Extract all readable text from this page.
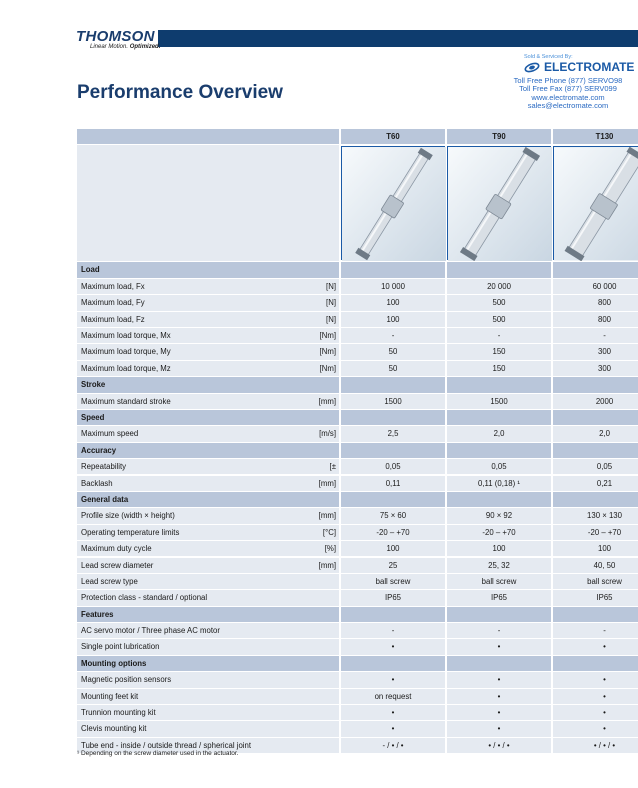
THOMSON
Linear Motion. Optimized.
Sold & Serviced By:
ELECTROMATE
Toll Free Phone (877) SERVO98
Toll Free Fax (877) SERV099
www.electromate.com
sales@electromate.com
Performance Overview
T60	T90	T130
Load
Maximum load, Fx	[N]	10 000	20 000	60 000
Maximum load, Fy	[N]	100	500	800
Maximum load, Fz	[N]	100	500	800
Maximum load torque, Mx	[Nm]	-	-	-
Maximum load torque, My	[Nm]	50	150	300
Maximum load torque, Mz	[Nm]	50	150	300
Stroke
Maximum standard stroke	[mm]	1500	1500	2000
Speed
Maximum speed	[m/s]	2,5	2,0	2,0
Accuracy
Repeatability	[±	0,05	0,05	0,05
Backlash	[mm]	0,11	0,11 (0,18) ¹	0,21
General data
Profile size (width × height)	[mm]	75 × 60	90 × 92	130 × 130
Operating temperature limits	[°C]	-20 – +70	-20 – +70	-20 – +70
Maximum duty cycle	[%]	100	100	100
Lead screw diameter	[mm]	25	25, 32	40, 50
Lead screw type	ball screw	ball screw	ball screw
Protection class - standard / optional	IP65	IP65	IP65
Features
AC servo motor / Three phase AC motor	-	-	-
Single point lubrication	•	•	•
Mounting options
Magnetic position sensors	•	•	•
Mounting feet kit	on request	•	•
Trunnion mounting kit	•	•	•
Clevis mounting kit	•	•	•
Tube end - inside / outside thread / spherical joint	- / • / •	• / • / •	• / • / •
¹ Depending on the screw diameter used in the actuator.
